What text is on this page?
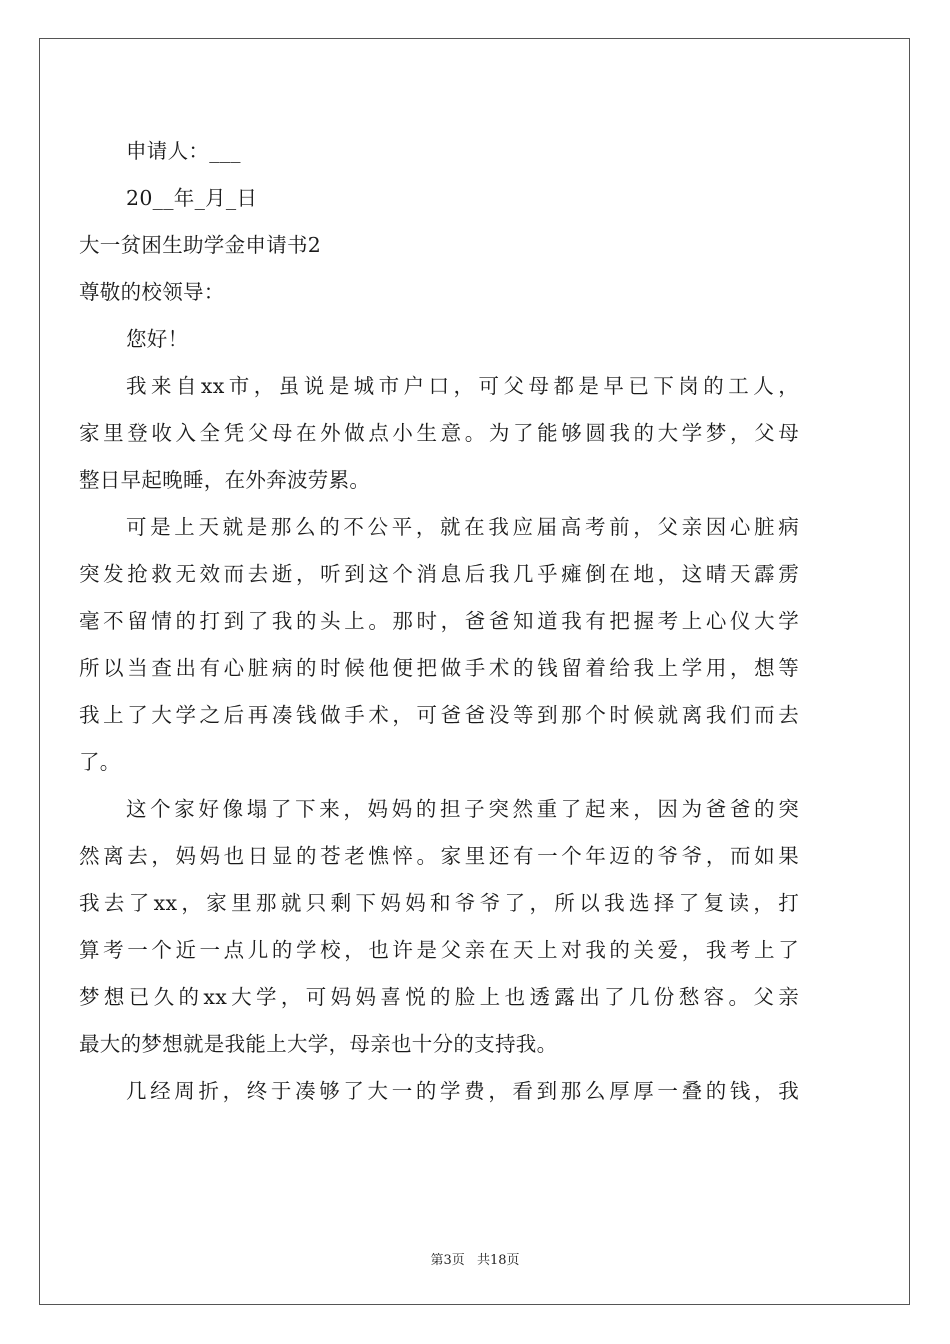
申请人：___
20__年_月_日
大一贫困生助学金申请书2
尊敬的校领导：
您好！
我来自xx市，虽说是城市户口，可父母都是早已下岗的工人，
家里登收入全凭父母在外做点小生意。为了能够圆我的大学梦，父母
整日早起晚睡，在外奔波劳累。
可是上天就是那么的不公平，就在我应届高考前，父亲因心脏病
突发抢救无效而去逝，听到这个消息后我几乎瘫倒在地，这晴天霹雳
毫不留情的打到了我的头上。那时，爸爸知道我有把握考上心仪大学
所以当查出有心脏病的时候他便把做手术的钱留着给我上学用，想等
我上了大学之后再凑钱做手术，可爸爸没等到那个时候就离我们而去
了。
这个家好像塌了下来，妈妈的担子突然重了起来，因为爸爸的突
然离去，妈妈也日显的苍老憔悴。家里还有一个年迈的爷爷，而如果
我去了xx，家里那就只剩下妈妈和爷爷了，所以我选择了复读，打
算考一个近一点儿的学校，也许是父亲在天上对我的关爱，我考上了
梦想已久的xx大学，可妈妈喜悦的脸上也透露出了几份愁容。父亲
最大的梦想就是我能上大学，母亲也十分的支持我。
几经周折，终于凑够了大一的学费，看到那么厚厚一叠的钱，我
第3页 共18页
